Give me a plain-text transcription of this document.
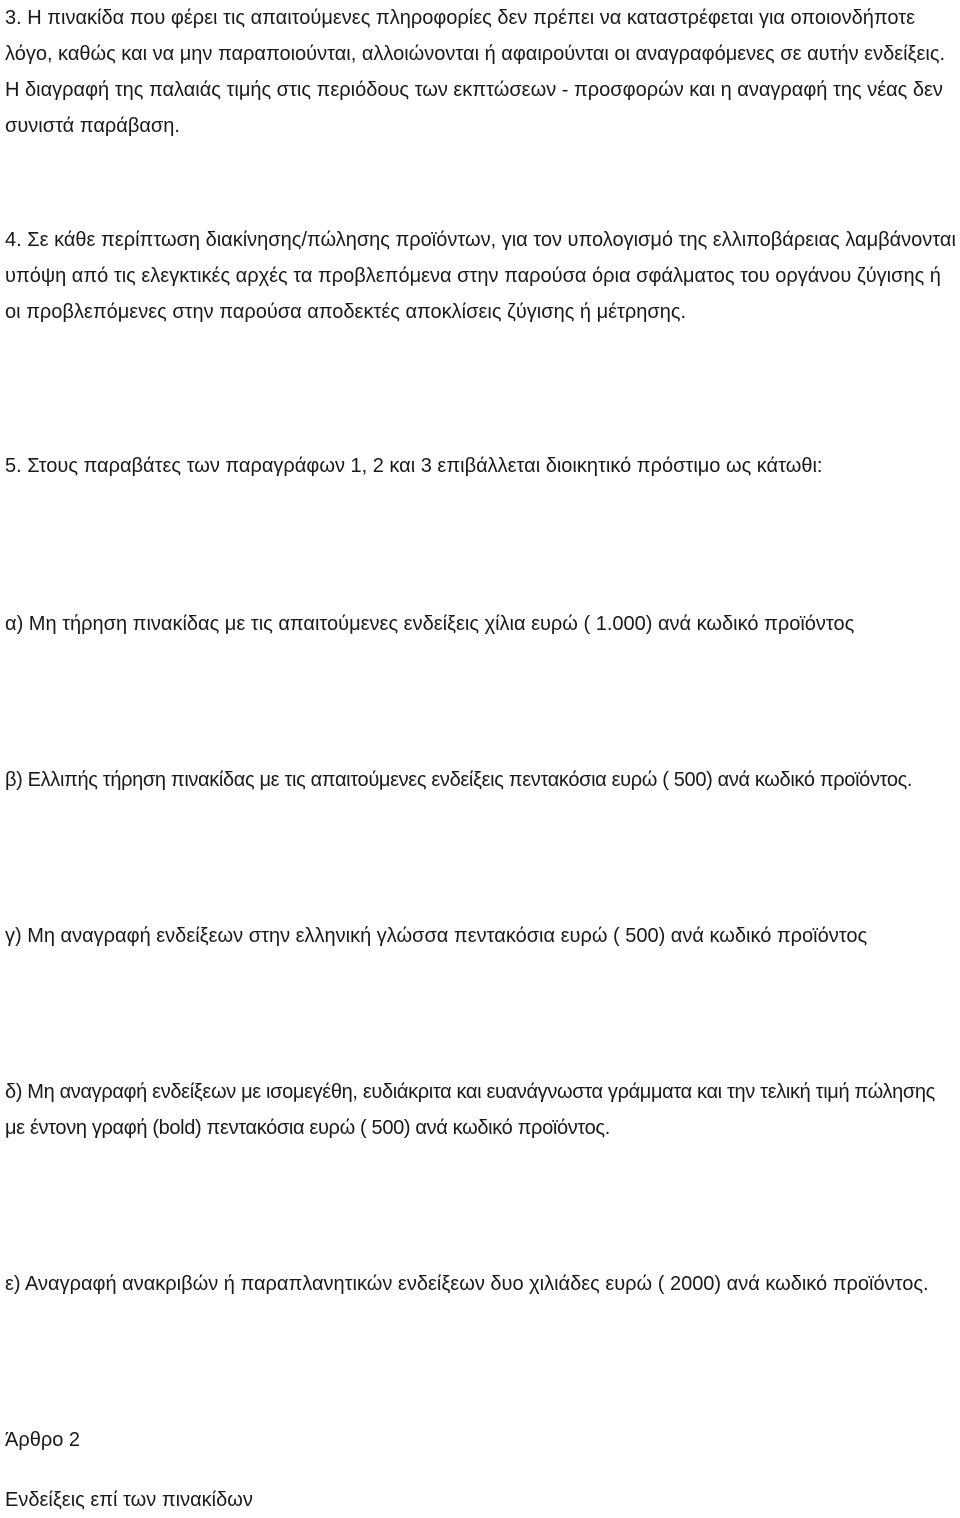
3. Η πινακίδα που φέρει τις απαιτούμενες πληροφορίες δεν πρέπει να καταστρέφεται για οποιονδήποτε λόγο, καθώς και να μην παραποιούνται, αλλοιώνονται ή αφαιρούνται οι αναγραφόμενες σε αυτήν ενδείξεις. Η διαγραφή της παλαιάς τιμής στις περιόδους των εκπτώσεων - προσφορών και η αναγραφή της νέας δεν συνιστά παράβαση.

4. Σε κάθε περίπτωση διακίνησης/πώλησης προϊόντων, για τον υπολογισμό της ελλιποβάρειας λαμβάνονται υπόψη από τις ελεγκτικές αρχές τα προβλεπόμενα στην παρούσα όρια σφάλματος του οργάνου ζύγισης ή οι προβλεπόμενες στην παρούσα αποδεκτές αποκλίσεις ζύγισης ή μέτρησης.

5. Στους παραβάτες των παραγράφων 1, 2 και 3 επιβάλλεται διοικητικό πρόστιμο ως κάτωθι:

α) Μη τήρηση πινακίδας με τις απαιτούμενες ενδείξεις χίλια ευρώ ( 1.000) ανά κωδικό προϊόντος

β) Ελλιπής τήρηση πινακίδας με τις απαιτούμενες ενδείξεις πεντακόσια ευρώ ( 500) ανά κωδικό προϊόντος.

γ) Μη αναγραφή ενδείξεων στην ελληνική γλώσσα πεντακόσια ευρώ ( 500) ανά κωδικό προϊόντος

δ) Μη αναγραφή ενδείξεων με ισομεγέθη, ευδιάκριτα και ευανάγνωστα γράμματα και την τελική τιμή πώλησης με έντονη γραφή (bold) πεντακόσια ευρώ ( 500) ανά κωδικό προϊόντος.

ε) Αναγραφή ανακριβών ή παραπλανητικών ενδείξεων δυο χιλιάδες ευρώ ( 2000) ανά κωδικό προϊόντος.

Άρθρο 2

Ενδείξεις επί των πινακίδων
